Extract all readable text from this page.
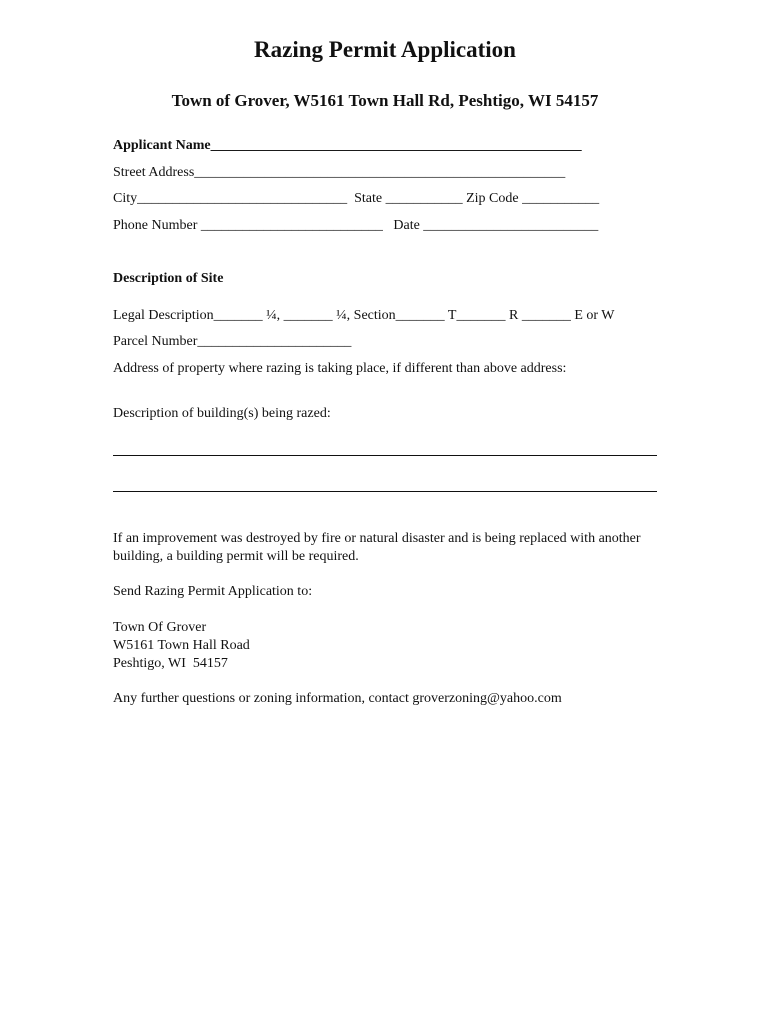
Razing Permit Application
Town of Grover, W5161 Town Hall Rd, Peshtigo, WI 54157
Applicant Name_____________________________________________________
Street Address_____________________________________________________
City______________________________  State ___________ Zip Code ___________
Phone Number __________________________   Date _________________________
Description of Site
Legal Description_______ ¼, _______ ¼, Section_______ T_______ R _______ E or W
Parcel Number______________________
Address of property where razing is taking place, if different than above address:
Description of building(s) being razed:
If an improvement was destroyed by fire or natural disaster and is being replaced with another building, a building permit will be required.
Send Razing Permit Application to:
Town Of Grover
W5161 Town Hall Road
Peshtigo, WI  54157
Any further questions or zoning information, contact groverzoning@yahoo.com
